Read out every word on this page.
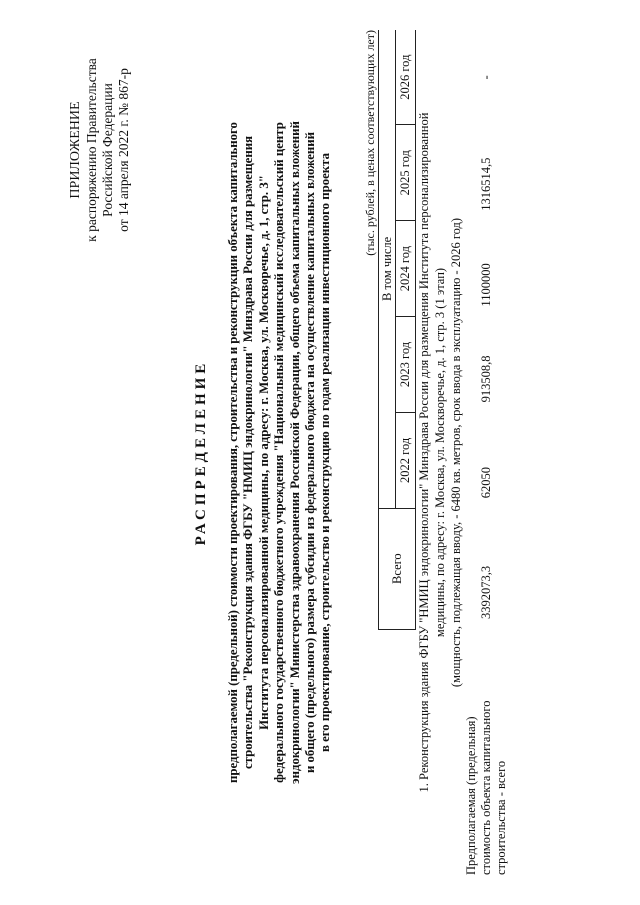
ПРИЛОЖЕНИЕ к распоряжению Правительства Российской Федерации от 14 апреля 2022 г. № 867-р
РАСПРЕДЕЛЕНИЕ предполагаемой (предельной) стоимости проектирования, строительства и реконструкции объекта капитального строительства "Реконструкция здания ФГБУ "НМИЦ эндокринологии" Минздрава России для размещения Института персонализированной медицины, по адресу: г. Москва, ул. Москворечье, д. 1, стр. 3" федерального государственного бюджетного учреждения "Национальный медицинский исследовательский центр эндокринологии" Министерства здравоохранения Российской Федерации, общего объема капитальных вложений и общего (предельного) размера субсидии из федерального бюджета на осуществление капитальных вложений в его проектирование, строительство и реконструкцию по годам реализации инвестиционного проекта
(тыс. рублей, в ценах соответствующих лет)
	Всего	В том числе				
		2022 год	2023 год	2024 год	2025 год	2026 год

1. Реконструкция здания ФГБУ "НМИЦ эндокринологии" Минздрава России для размещения Института персонализированной медицины, по адресу: г. Москва, ул. Москворечье, д. 1, стр. 3 (1 этап) (мощность, подлежащая вводу, - 6480 кв. метров, срок ввода в эксплуатацию - 2026 год)						

Предполагаемая (предельная) стоимость объекта капитального строительства - всего	3392073,3	62050	913508,8	1100000	1316514,5	-
